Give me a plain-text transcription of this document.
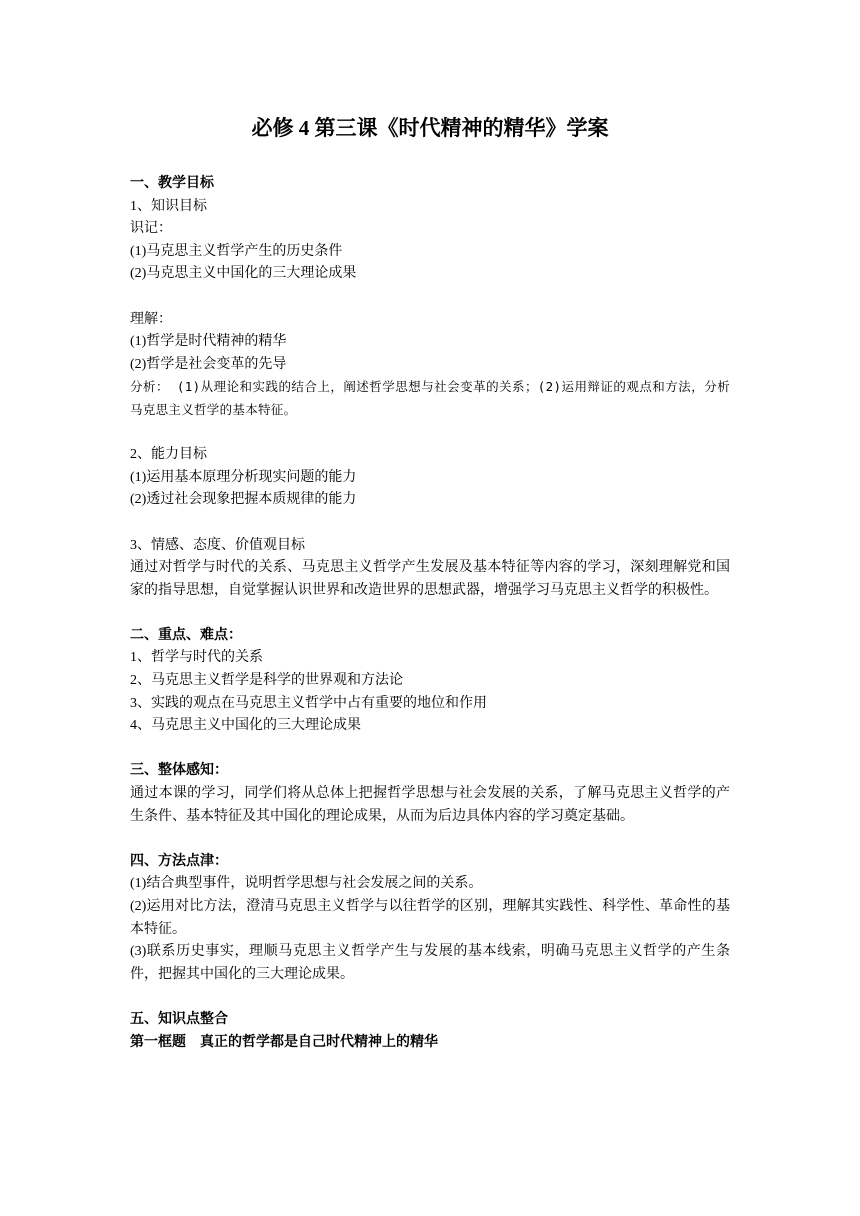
必修 4 第三课《时代精神的精华》学案
一、教学目标
1、知识目标
识记：
(1)马克思主义哲学产生的历史条件
(2)马克思主义中国化的三大理论成果
理解：
(1)哲学是时代精神的精华
(2)哲学是社会变革的先导
分析： (1)从理论和实践的结合上，阐述哲学思想与社会变革的关系；(2)运用辩证的观点和方法，分析马克思主义哲学的基本特征。
2、能力目标
(1)运用基本原理分析现实问题的能力
(2)透过社会现象把握本质规律的能力
3、情感、态度、价值观目标
通过对哲学与时代的关系、马克思主义哲学产生发展及基本特征等内容的学习，深刻理解党和国家的指导思想，自觉掌握认识世界和改造世界的思想武器，增强学习马克思主义哲学的积极性。
二、重点、难点：
1、哲学与时代的关系
2、马克思主义哲学是科学的世界观和方法论
3、实践的观点在马克思主义哲学中占有重要的地位和作用
4、马克思主义中国化的三大理论成果
三、整体感知：
通过本课的学习，同学们将从总体上把握哲学思想与社会发展的关系，了解马克思主义哲学的产生条件、基本特征及其中国化的理论成果，从而为后边具体内容的学习奠定基础。
四、方法点津：
(1)结合典型事件，说明哲学思想与社会发展之间的关系。
(2)运用对比方法，澄清马克思主义哲学与以往哲学的区别，理解其实践性、科学性、革命性的基本特征。
(3)联系历史事实，理顺马克思主义哲学产生与发展的基本线索，明确马克思主义哲学的产生条件，把握其中国化的三大理论成果。
五、知识点整合
第一框题 真正的哲学都是自己时代精神上的精华
